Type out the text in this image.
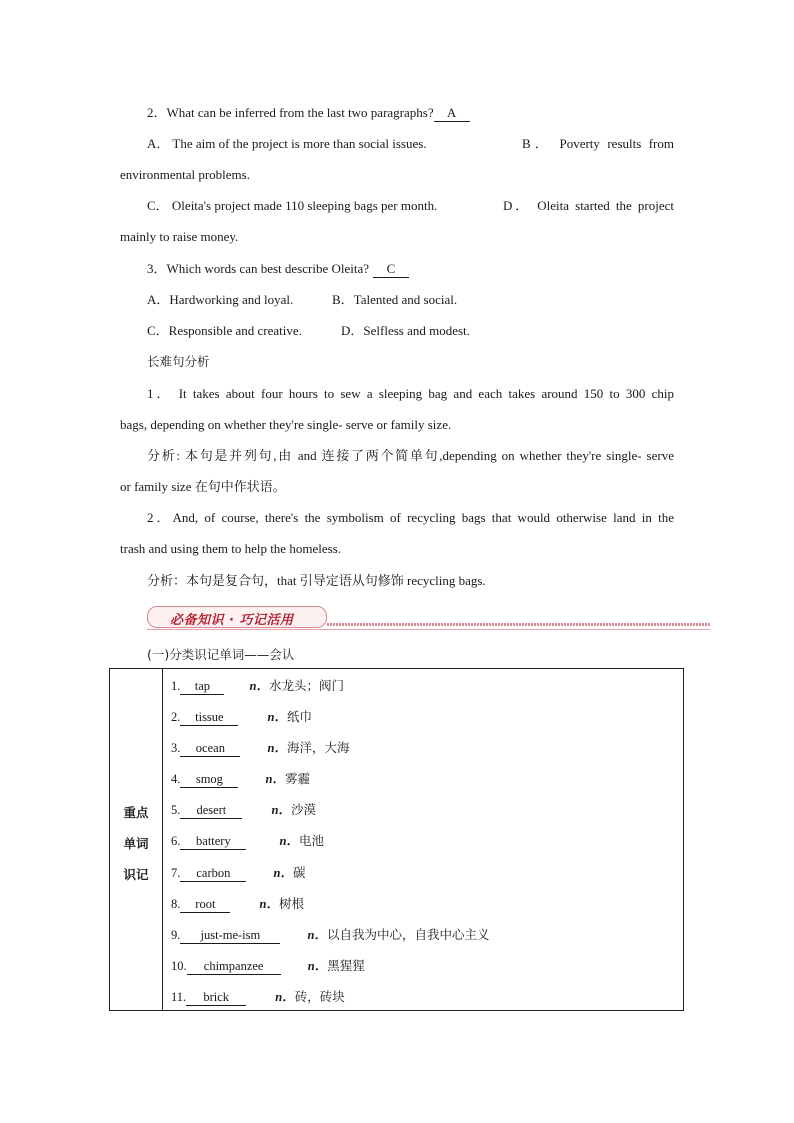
2．What can be inferred from the last two paragraphs? A
A． The aim of the project is more than social issues.	B． Poverty results from
environmental problems.
C． Oleita's project made 110 sleeping bags per month.	D． Oleita started the project
mainly to raise money.
3．Which words can best describe Oleita? C
A．Hardworking and loyal.	B．Talented and social.
C．Responsible and creative.	D．Selfless and modest.
长难句分析
1． It takes about four hours to sew a sleeping bag and each takes around 150 to 300 chip
bags, depending on whether they're single- serve or family size.
分析: 本句是并列句,由 and 连接了两个简单句,depending on whether they're single- serve
or family size 在句中作状语。
2．And, of course, there's the symbolism of recycling bags that would otherwise land in the
trash and using them to help the homeless.
分析：本句是复合句，that 引导定语从句修饰 recycling bags.
必备知识 · 巧记活用
(一)分类识记单词——会认
重点
单词
识记
1. tap	n．水龙头；阀门
2. tissue	n．纸巾
3. ocean	n．海洋，大海
4. smog	n．雾霾
5. desert	n．沙漠
6. battery	n．电池
7. carbon	n．碳
8. root	n．树根
9. just-me-ism	n．以自我为中心，自我中心主义
10. chimpanzee	n．黑猩猩
11. brick	n．砖，砖块
